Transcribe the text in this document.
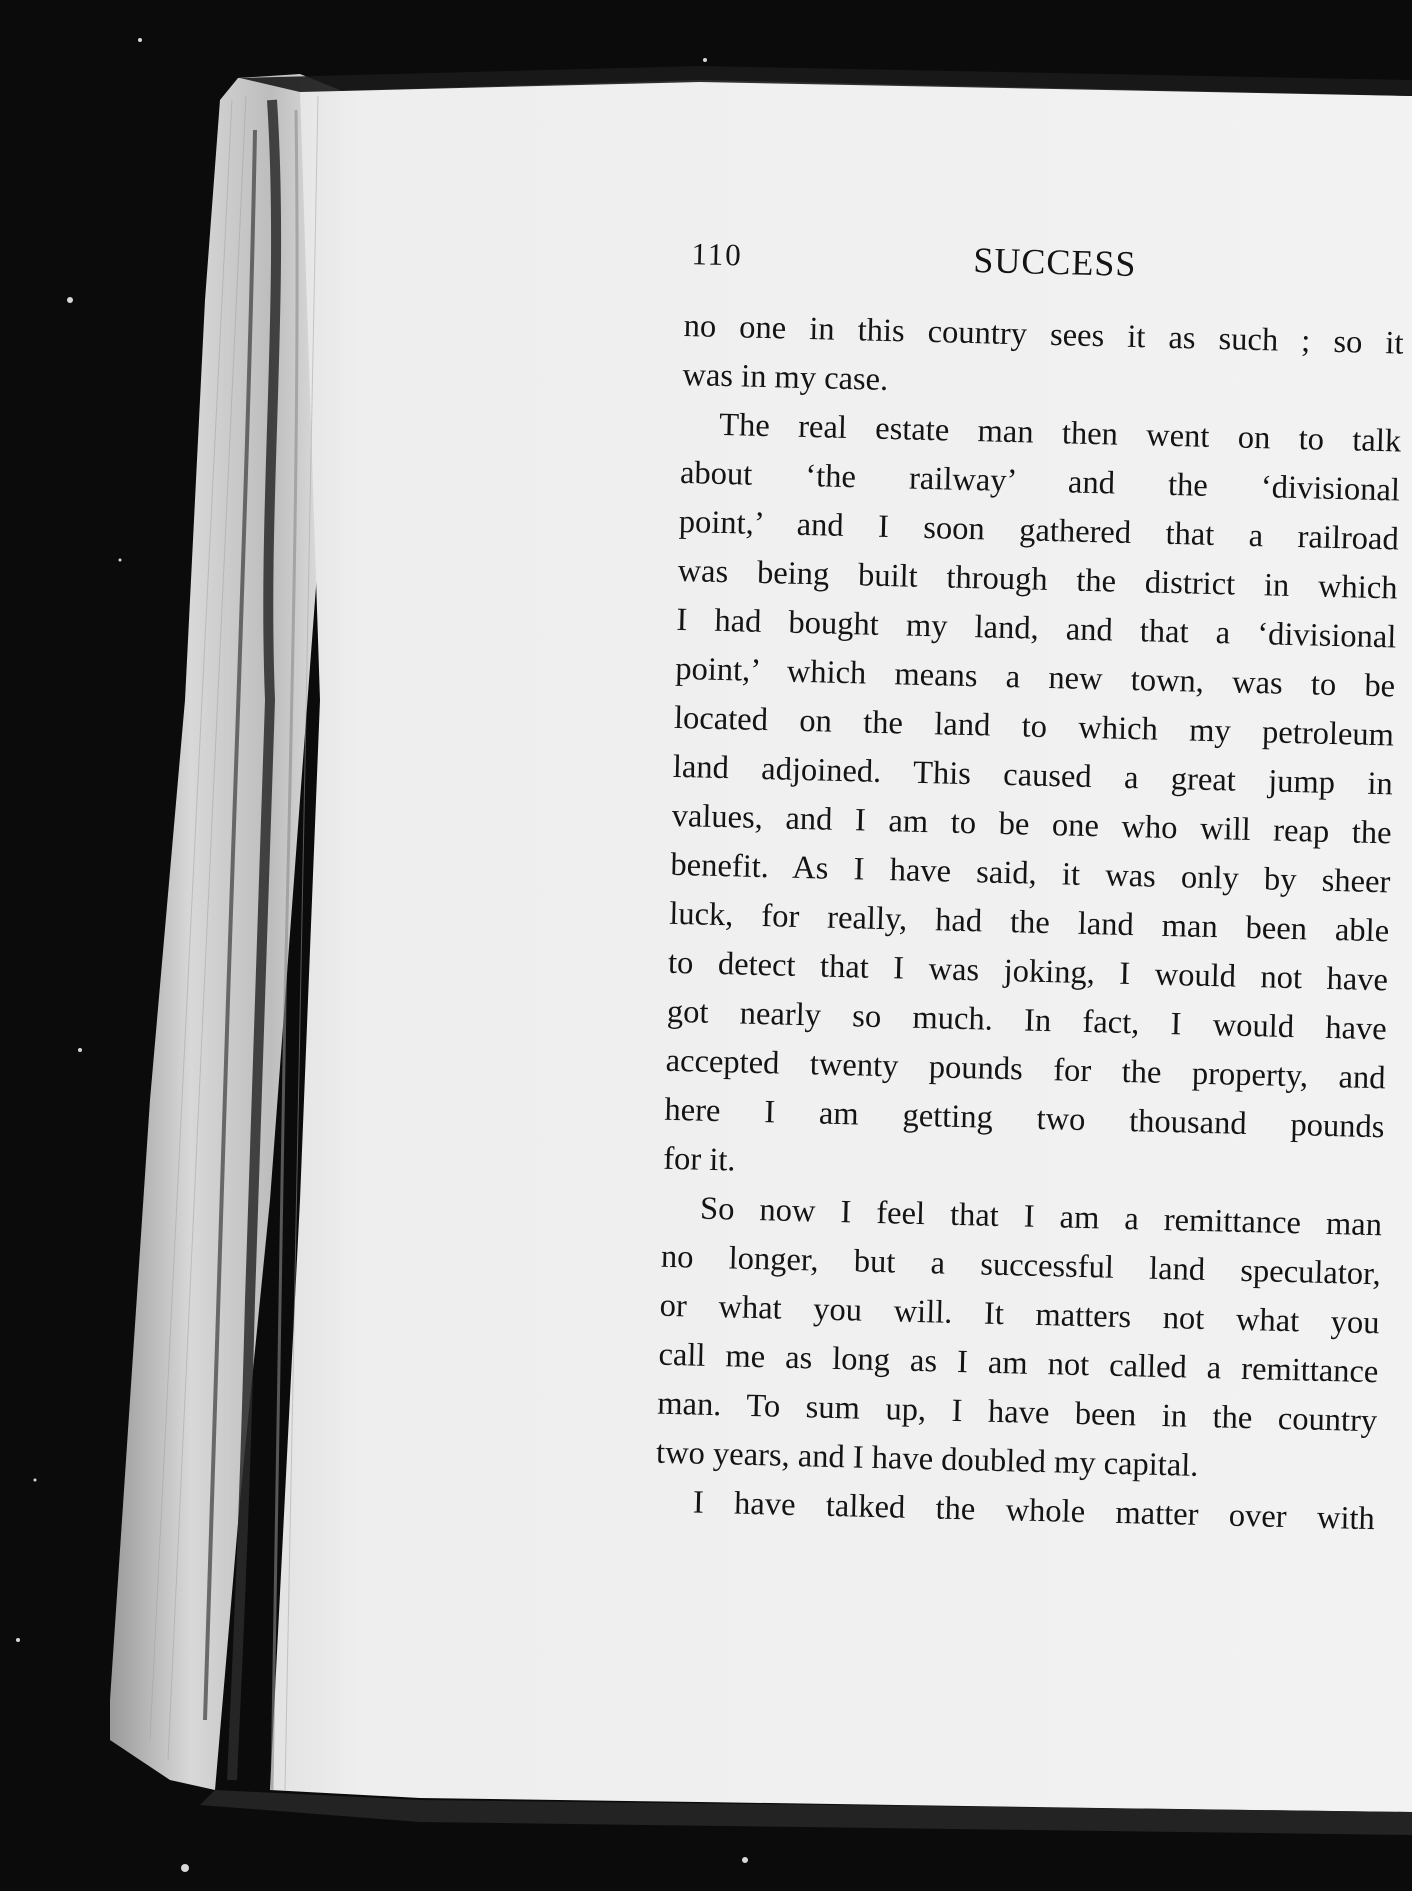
110	SUCCESS
no one in this country sees it as such ; so it
was in my case.
The real estate man then went on to talk
about ‘the railway’ and the ‘divisional
point,’ and I soon gathered that a railroad
was being built through the district in which
I had bought my land, and that a ‘divisional
point,’ which means a new town, was to be
located on the land to which my petroleum
land adjoined. This caused a great jump in
values, and I am to be one who will reap the
benefit. As I have said, it was only by sheer
luck, for really, had the land man been able
to detect that I was joking, I would not have
got nearly so much. In fact, I would have
accepted twenty pounds for the property, and
here I am getting two thousand pounds
for it.
So now I feel that I am a remittance man
no longer, but a successful land speculator,
or what you will. It matters not what you
call me as long as I am not called a remittance
man. To sum up, I have been in the country
two years, and I have doubled my capital.
I have talked the whole matter over with
